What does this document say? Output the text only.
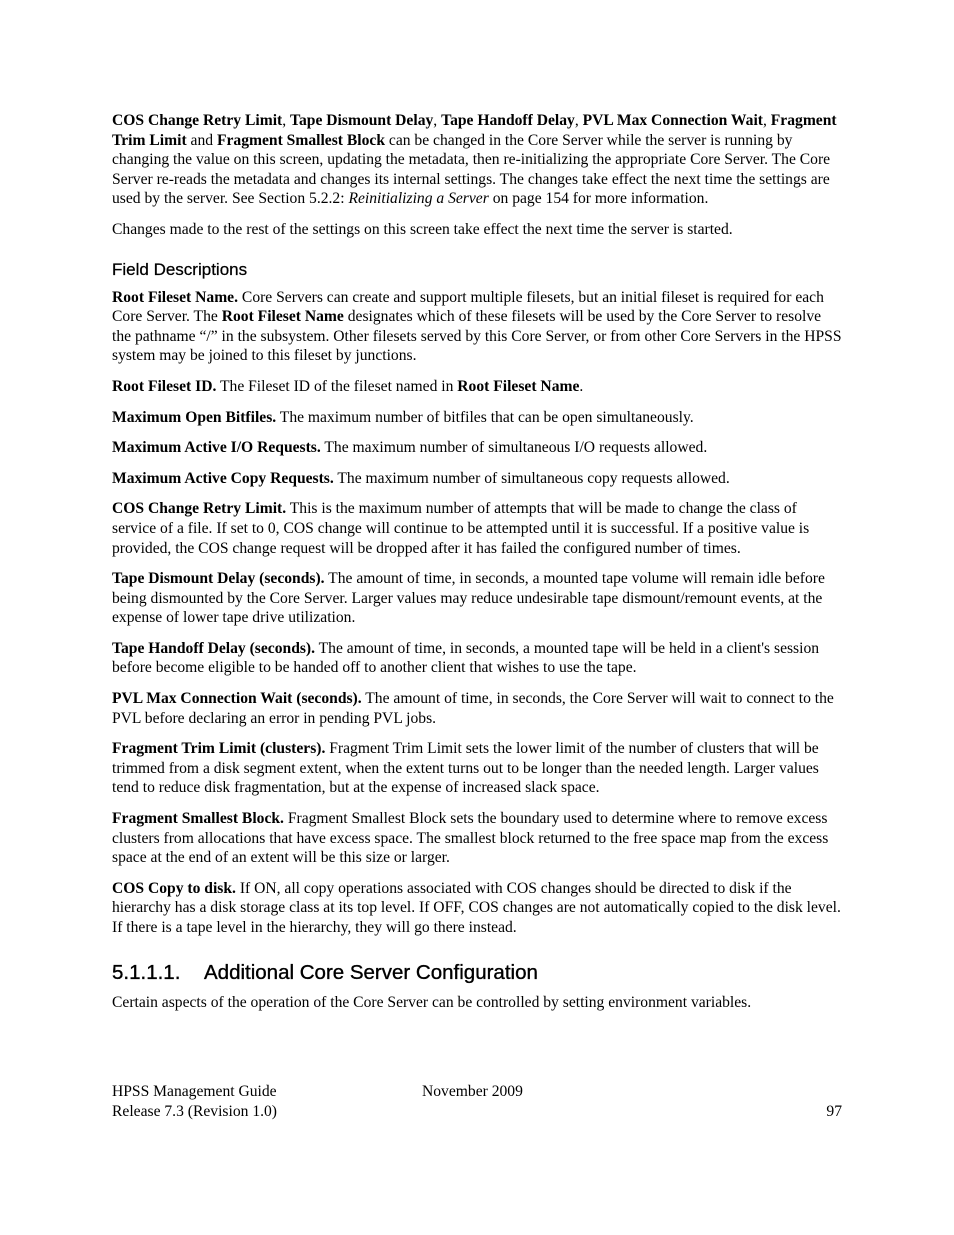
COS Change Retry Limit, Tape Dismount Delay, Tape Handoff Delay, PVL Max Connection Wait, Fragment Trim Limit and Fragment Smallest Block can be changed in the Core Server while the server is running by changing the value on this screen, updating the metadata, then re-initializing the appropriate Core Server. The Core Server re-reads the metadata and changes its internal settings. The changes take effect the next time the settings are used by the server. See Section 5.2.2: Reinitializing a Server on page 154 for more information.

Changes made to the rest of the settings on this screen take effect the next time the server is started.

Field Descriptions

Root Fileset Name. Core Servers can create and support multiple filesets, but an initial fileset is required for each Core Server. The Root Fileset Name designates which of these filesets will be used by the Core Server to resolve the pathname “/” in the subsystem. Other filesets served by this Core Server, or from other Core Servers in the HPSS system may be joined to this fileset by junctions.

Root Fileset ID. The Fileset ID of the fileset named in Root Fileset Name.

Maximum Open Bitfiles. The maximum number of bitfiles that can be open simultaneously.

Maximum Active I/O Requests. The maximum number of simultaneous I/O requests allowed.

Maximum Active Copy Requests. The maximum number of simultaneous copy requests allowed.

COS Change Retry Limit. This is the maximum number of attempts that will be made to change the class of service of a file. If set to 0, COS change will continue to be attempted until it is successful. If a positive value is provided, the COS change request will be dropped after it has failed the configured number of times.

Tape Dismount Delay (seconds). The amount of time, in seconds, a mounted tape volume will remain idle before being dismounted by the Core Server. Larger values may reduce undesirable tape dismount/remount events, at the expense of lower tape drive utilization.

Tape Handoff Delay (seconds). The amount of time, in seconds, a mounted tape will be held in a client's session before become eligible to be handed off to another client that wishes to use the tape.

PVL Max Connection Wait (seconds). The amount of time, in seconds, the Core Server will wait to connect to the PVL before declaring an error in pending PVL jobs.

Fragment Trim Limit (clusters). Fragment Trim Limit sets the lower limit of the number of clusters that will be trimmed from a disk segment extent, when the extent turns out to be longer than the needed length. Larger values tend to reduce disk fragmentation, but at the expense of increased slack space.

Fragment Smallest Block. Fragment Smallest Block sets the boundary used to determine where to remove excess clusters from allocations that have excess space. The smallest block returned to the free space map from the excess space at the end of an extent will be this size or larger.

COS Copy to disk. If ON, all copy operations associated with COS changes should be directed to disk if the hierarchy has a disk storage class at its top level. If OFF, COS changes are not automatically copied to the disk level. If there is a tape level in the hierarchy, they will go there instead.

5.1.1.1. Additional Core Server Configuration

Certain aspects of the operation of the Core Server can be controlled by setting environment variables.

HPSS Management Guide	November 2009
Release 7.3 (Revision 1.0)	97
